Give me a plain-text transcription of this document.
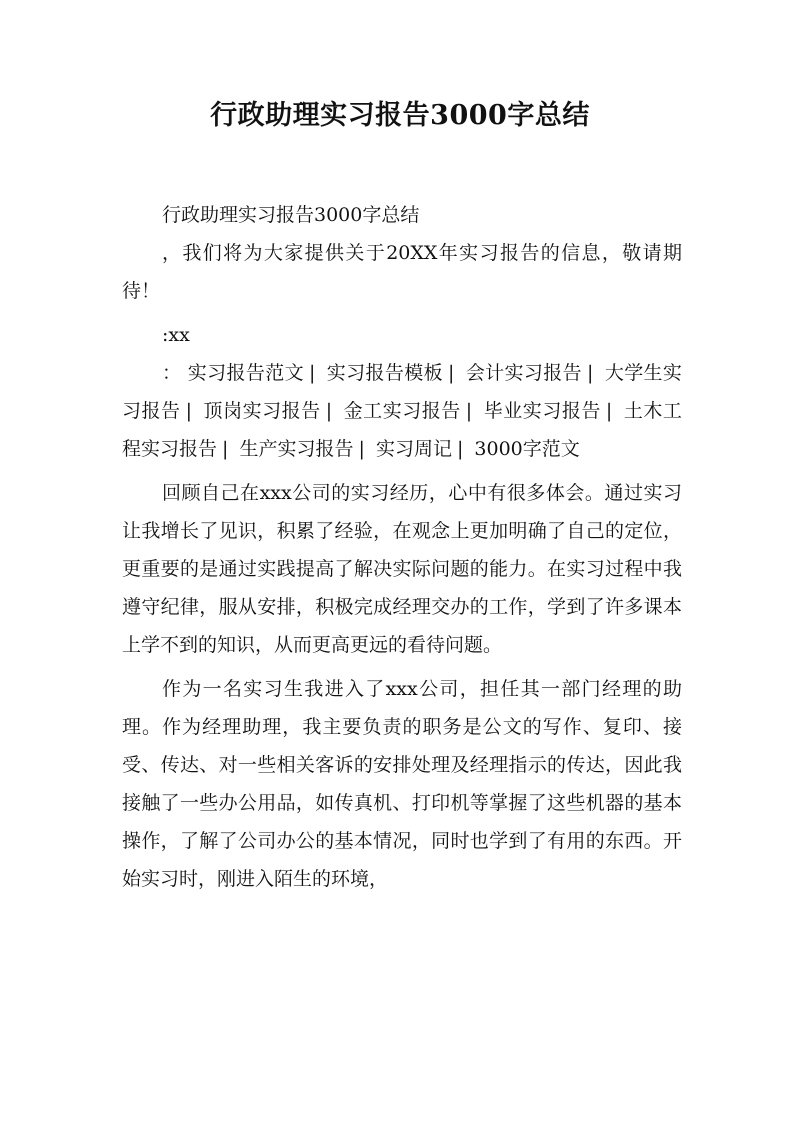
行政助理实习报告3000字总结

行政助理实习报告3000字总结

，我们将为大家提供关于20XX年实习报告的信息，敬请期待！

:xx

： 实习报告范文 | 实习报告模板 | 会计实习报告 | 大学生实习报告 | 顶岗实习报告 | 金工实习报告 | 毕业实习报告 | 土木工程实习报告 | 生产实习报告 | 实习周记 | 3000字范文

回顾自己在xxx公司的实习经历，心中有很多体会。通过实习让我增长了见识，积累了经验，在观念上更加明确了自己的定位，更重要的是通过实践提高了解决实际问题的能力。在实习过程中我遵守纪律，服从安排，积极完成经理交办的工作，学到了许多课本上学不到的知识，从而更高更远的看待问题。

作为一名实习生我进入了xxx公司，担任其一部门经理的助理。作为经理助理，我主要负责的职务是公文的写作、复印、接受、传达、对一些相关客诉的安排处理及经理指示的传达，因此我接触了一些办公用品，如传真机、打印机等掌握了这些机器的基本操作，了解了公司办公的基本情况，同时也学到了有用的东西。开始实习时，刚进入陌生的环境，
